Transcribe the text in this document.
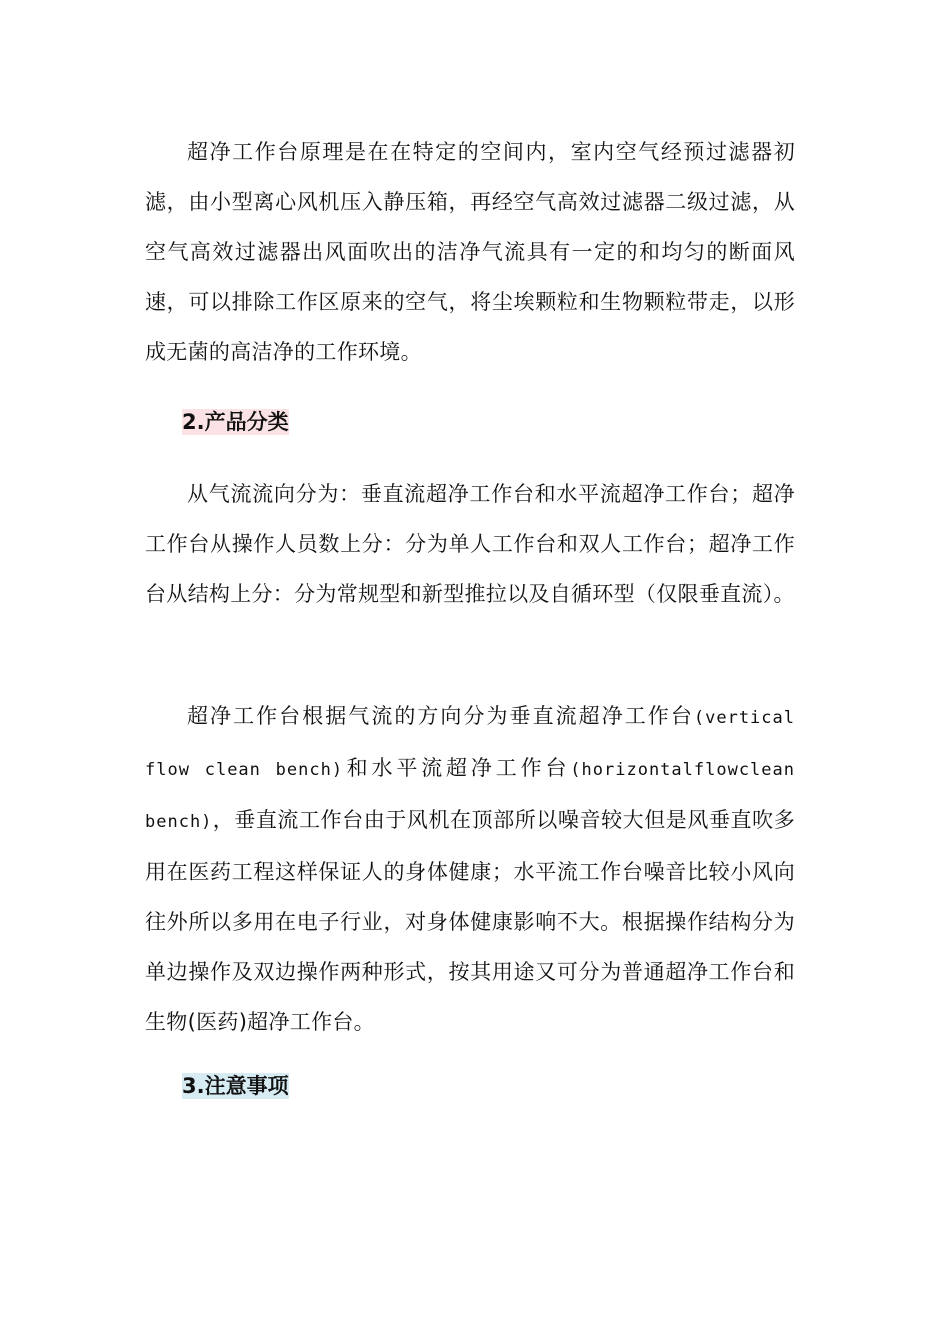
超净工作台原理是在在特定的空间内，室内空气经预过滤器初滤，由小型离心风机压入静压箱，再经空气高效过滤器二级过滤，从空气高效过滤器出风面吹出的洁净气流具有一定的和均匀的断面风速，可以排除工作区原来的空气，将尘埃颗粒和生物颗粒带走，以形成无菌的高洁净的工作环境。

2.产品分类

从气流流向分为：垂直流超净工作台和水平流超净工作台；超净工作台从操作人员数上分：分为单人工作台和双人工作台；超净工作台从结构上分：分为常规型和新型推拉以及自循环型（仅限垂直流）。

超净工作台根据气流的方向分为垂直流超净工作台(vertical flow clean bench)和水平流超净工作台(horizontalflowclean bench)，垂直流工作台由于风机在顶部所以噪音较大但是风垂直吹多用在医药工程这样保证人的身体健康；水平流工作台噪音比较小风向往外所以多用在电子行业，对身体健康影响不大。根据操作结构分为单边操作及双边操作两种形式，按其用途又可分为普通超净工作台和生物(医药)超净工作台。

3.注意事项
